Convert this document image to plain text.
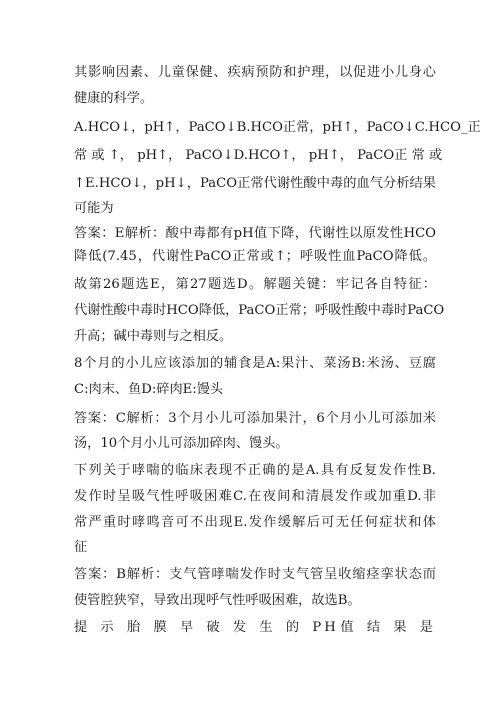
其影响因素、儿童保健、疾病预防和护理，以促进小儿身心
健康的科学。
A.HCO↓，pH↑，PaCO↓B.HCO正常，pH↑，PaCO↓C.HCO_正
常 或 ↑， pH↑， PaCO↓D.HCO↑， pH↑， PaCO正 常 或
↑E.HCO↓，pH↓，PaCO正常代谢性酸中毒的血气分析结果
可能为
答案：E解析：酸中毒都有pH值下降，代谢性以原发性HCO
降低(7.45，代谢性PaCO正常或↑；呼吸性血PaCO降低。
故第26题选E，第27题选D。解题关键：牢记各自特征：
代谢性酸中毒时HCO降低，PaCO正常；呼吸性酸中毒时PaCO
升高；碱中毒则与之相反。
8个月的小儿应该添加的辅食是A:果汁、菜汤B:米汤、豆腐
C:肉末、鱼D:碎肉E:馒头
答案：C解析：3个月小儿可添加果汁，6个月小儿可添加米
汤，10个月小儿可添加碎肉、馒头。
下列关于哮喘的临床表现不正确的是A.具有反复发作性B.
发作时呈吸气性呼吸困难C.在夜间和清晨发作或加重D.非
常严重时哮鸣音可不出现E.发作缓解后可无任何症状和体
征
答案：B解析：支气管哮喘发作时支气管呈收缩痉挛状态而
使管腔狭窄，导致出现呼气性呼吸困难，故选B。
提 示 胎 膜 早 破 发 生 的 PH值 结 果 是
